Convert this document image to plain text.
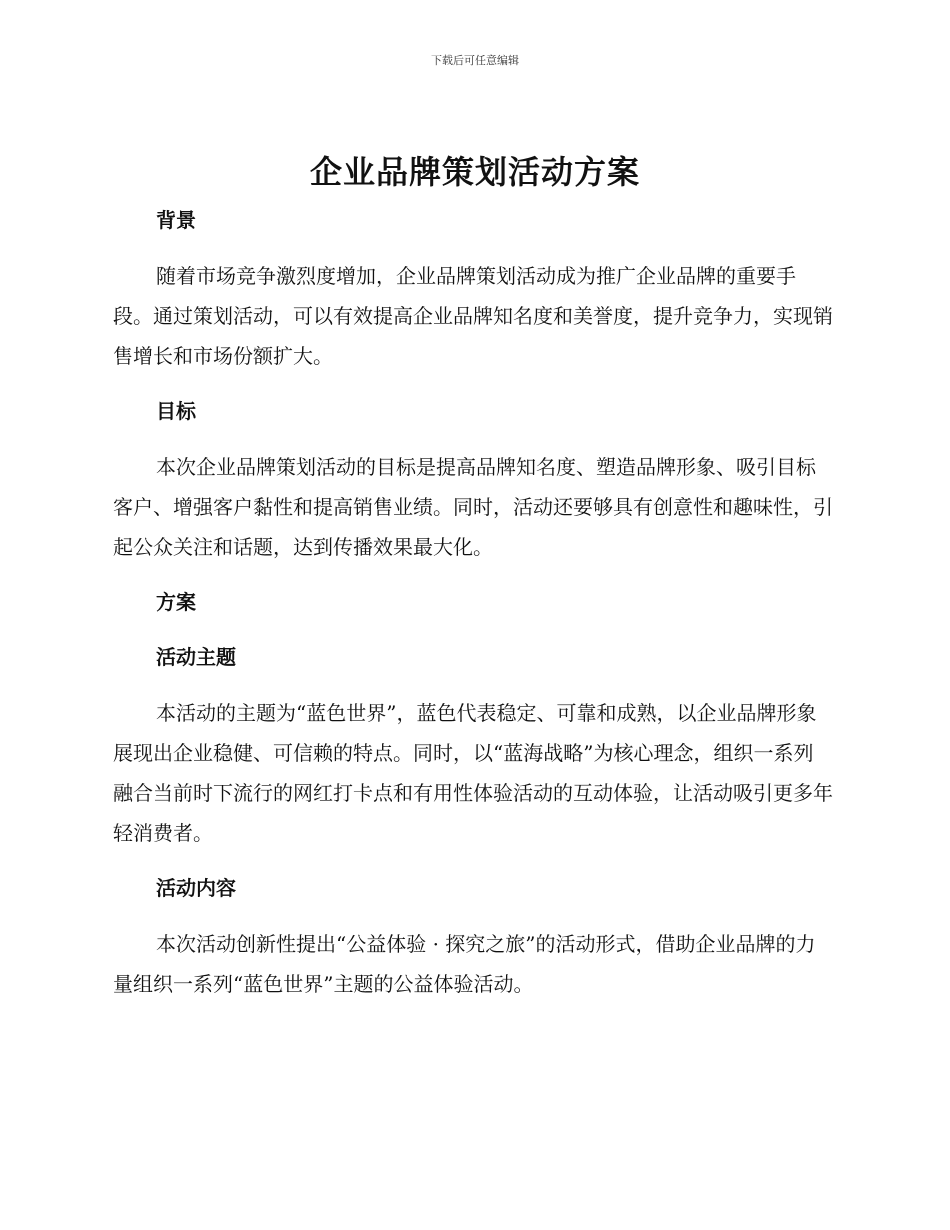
下载后可任意编辑
企业品牌策划活动方案
背景

随着市场竞争激烈度增加，企业品牌策划活动成为推广企业品牌的重要手段。通过策划活动，可以有效提高企业品牌知名度和美誉度，提升竞争力，实现销售增长和市场份额扩大。

目标

本次企业品牌策划活动的目标是提高品牌知名度、塑造品牌形象、吸引目标客户、增强客户黏性和提高销售业绩。同时，活动还要够具有创意性和趣味性，引起公众关注和话题，达到传播效果最大化。

方案
活动主题

本活动的主题为“蓝色世界”，蓝色代表稳定、可靠和成熟，以企业品牌形象展现出企业稳健、可信赖的特点。同时，以“蓝海战略”为核心理念，组织一系列融合当前时下流行的网红打卡点和有用性体验活动的互动体验，让活动吸引更多年轻消费者。

活动内容

本次活动创新性提出“公益体验 · 探究之旅”的活动形式，借助企业品牌的力量组织一系列“蓝色世界”主题的公益体验活动。
